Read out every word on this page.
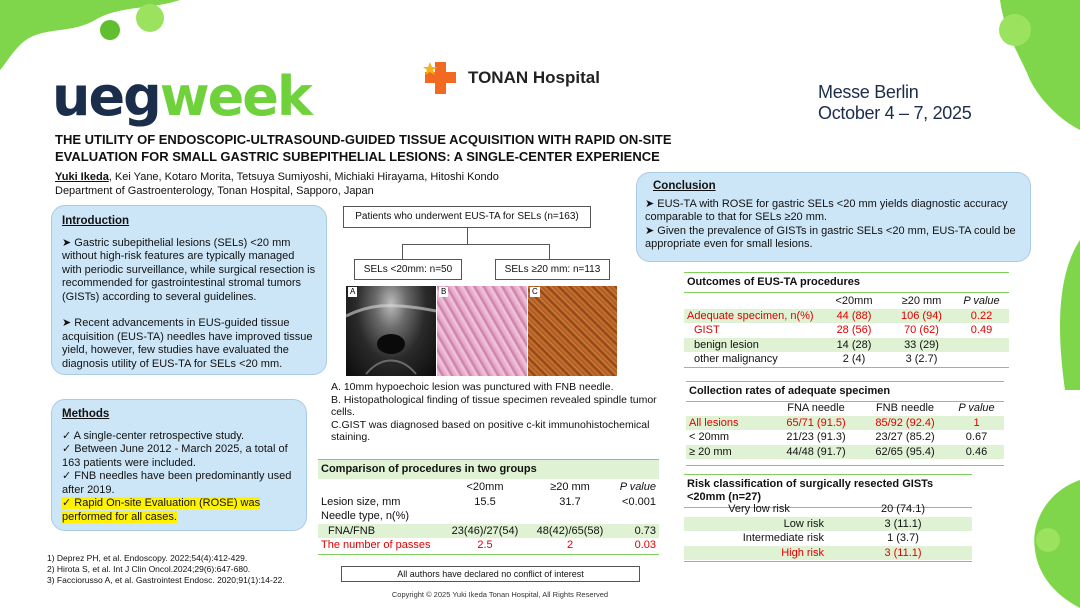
uegweek	TONAN Hospital
Messe Berlin
October 4 – 7, 2025
THE UTILITY OF ENDOSCOPIC-ULTRASOUND-GUIDED TISSUE ACQUISITION WITH RAPID ON-SITE
EVALUATION FOR SMALL GASTRIC SUBEPITHELIAL LESIONS: A SINGLE-CENTER EXPERIENCE
Yuki Ikeda, Kei Yane, Kotaro Morita, Tetsuya Sumiyoshi, Michiaki Hirayama, Hitoshi Kondo
Department of Gastroenterology, Tonan Hospital, Sapporo, Japan
Introduction

➤ Gastric subepithelial lesions (SELs) <20 mm without high-risk features are typically managed with periodic surveillance, while surgical resection is recommended for gastrointestinal stromal tumors (GISTs) according to several guidelines.

➤ Recent advancements in EUS-guided tissue acquisition (EUS-TA) needles have improved tissue yield, however, few studies have evaluated the diagnosis utility of EUS-TA for SELs <20 mm.

Methods
✓ A single-center retrospective study.
✓ Between June 2012 - March 2025, a total of 163 patients were included.
✓ FNB needles have been predominantly used after 2019.
✓ Rapid On-site Evaluation (ROSE) was performed for all cases.
Conclusion
➤ EUS-TA with ROSE for gastric SELs <20 mm yields diagnostic accuracy comparable to that for SELs ≥20 mm.
➤ Given the prevalence of GISTs in gastric SELs <20 mm, EUS-TA could be appropriate even for small lesions.
Patients who underwent EUS-TA for SELs (n=163)
SELs <20mm: n=50	SELs ≥20 mm: n=113
A	B	C
A. 10mm hypoechoic lesion was punctured with FNB needle.
B. Histopathological finding of tissue specimen revealed spindle tumor cells.
C.GIST was diagnosed based on positive c-kit immunohistochemical staining.
Comparison of procedures in two groups
	<20mm	≥20 mm	P value
Lesion size, mm	15.5	31.7	<0.001
Needle type, n(%)			
FNA/FNB	23(46)/27(54)	48(42)/65(58)	0.73
The number of passes	2.5	2	0.03
Outcomes of EUS-TA procedures
	<20mm	≥20 mm	P value
Adequate specimen, n(%)	44 (88)	106 (94)	0.22
GIST	28 (56)	70 (62)	0.49
benign lesion	14 (28)	33 (29)	
other malignancy	2 (4)	3 (2.7)	
Collection rates of adequate specimen
	FNA needle	FNB needle	P value
All lesions	65/71 (91.5)	85/92 (92.4)	1
< 20mm	21/23 (91.3)	23/27 (85.2)	0.67
≥ 20 mm	44/48 (91.7)	62/65 (95.4)	0.46
Risk classification of surgically resected GISTs <20mm (n=27)
Very low risk	20 (74.1)
Low risk	3 (11.1)
Intermediate risk	1 (3.7)
High risk	3 (11.1)
1) Deprez PH, et al. Endoscopy. 2022;54(4):412-429.
2) Hirota S, et al. Int J Clin Oncol.2024;29(6):647-680.
3) Facciorusso A, et al. Gastrointest Endosc. 2020;91(1):14-22.
All authors have declared no conflict of interest
Copyright © 2025 Yuki Ikeda Tonan Hospital, All Rights Reserved
